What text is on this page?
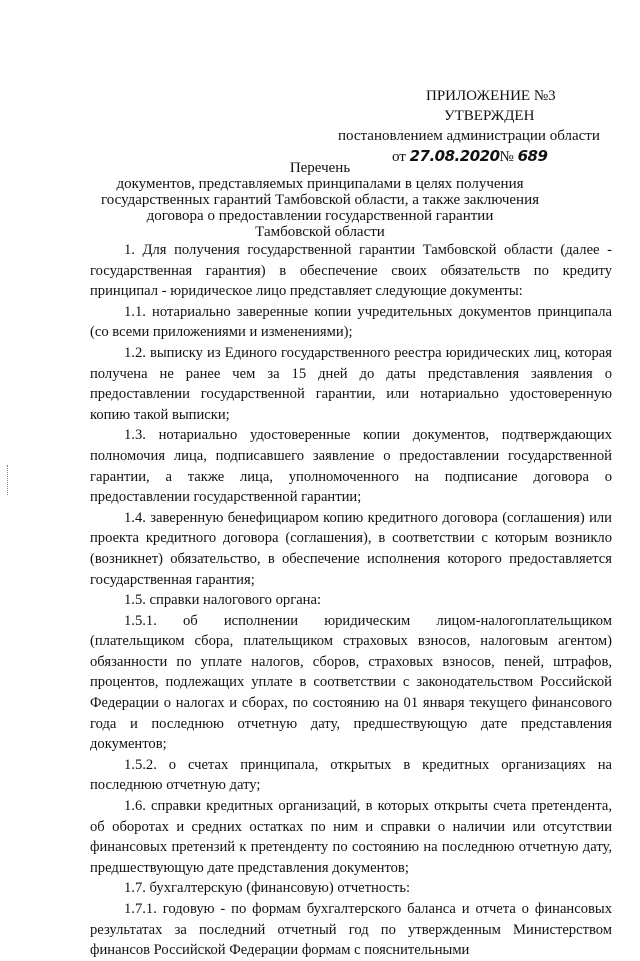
ПРИЛОЖЕНИЕ №3
УТВЕРЖДЕН
постановлением администрации области
от 27.08.2020№ 689
Перечень
документов, представляемых принципалами в целях получения
государственных гарантий Тамбовской области, а также заключения
договора о предоставлении государственной гарантии
Тамбовской области

1. Для получения государственной гарантии Тамбовской области (далее - государственная гарантия) в обеспечение своих обязательств по кредиту принципал - юридическое лицо представляет следующие документы:

1.1. нотариально заверенные копии учредительных документов принципала (со всеми приложениями и изменениями);

1.2. выписку из Единого государственного реестра юридических лиц, которая получена не ранее чем за 15 дней до даты представления заявления о предоставлении государственной гарантии, или нотариально удостоверенную копию такой выписки;

1.3. нотариально удостоверенные копии документов, подтверждающих полномочия лица, подписавшего заявление о предоставлении государственной гарантии, а также лица, уполномоченного на подписание договора о предоставлении государственной гарантии;

1.4. заверенную бенефициаром копию кредитного договора (соглашения) или проекта кредитного договора (соглашения), в соответствии с которым возникло (возникнет) обязательство, в обеспечение исполнения которого предоставляется государственная гарантия;

1.5. справки налогового органа:

1.5.1. об исполнении юридическим лицом-налогоплательщиком (плательщиком сбора, плательщиком страховых взносов, налоговым агентом) обязанности по уплате налогов, сборов, страховых взносов, пеней, штрафов, процентов, подлежащих уплате в соответствии с законодательством Российской Федерации о налогах и сборах, по состоянию на 01 января текущего финансового года и последнюю отчетную дату, предшествующую дате представления документов;

1.5.2. о счетах принципала, открытых в кредитных организациях на последнюю отчетную дату;

1.6. справки кредитных организаций, в которых открыты счета претендента, об оборотах и средних остатках по ним и справки о наличии или отсутствии финансовых претензий к претенденту по состоянию на последнюю отчетную дату, предшествующую дате представления документов;

1.7. бухгалтерскую (финансовую) отчетность:

1.7.1. годовую - по формам бухгалтерского баланса и отчета о финансовых результатах за последний отчетный год по утвержденным Министерством финансов Российской Федерации формам с пояснительными
